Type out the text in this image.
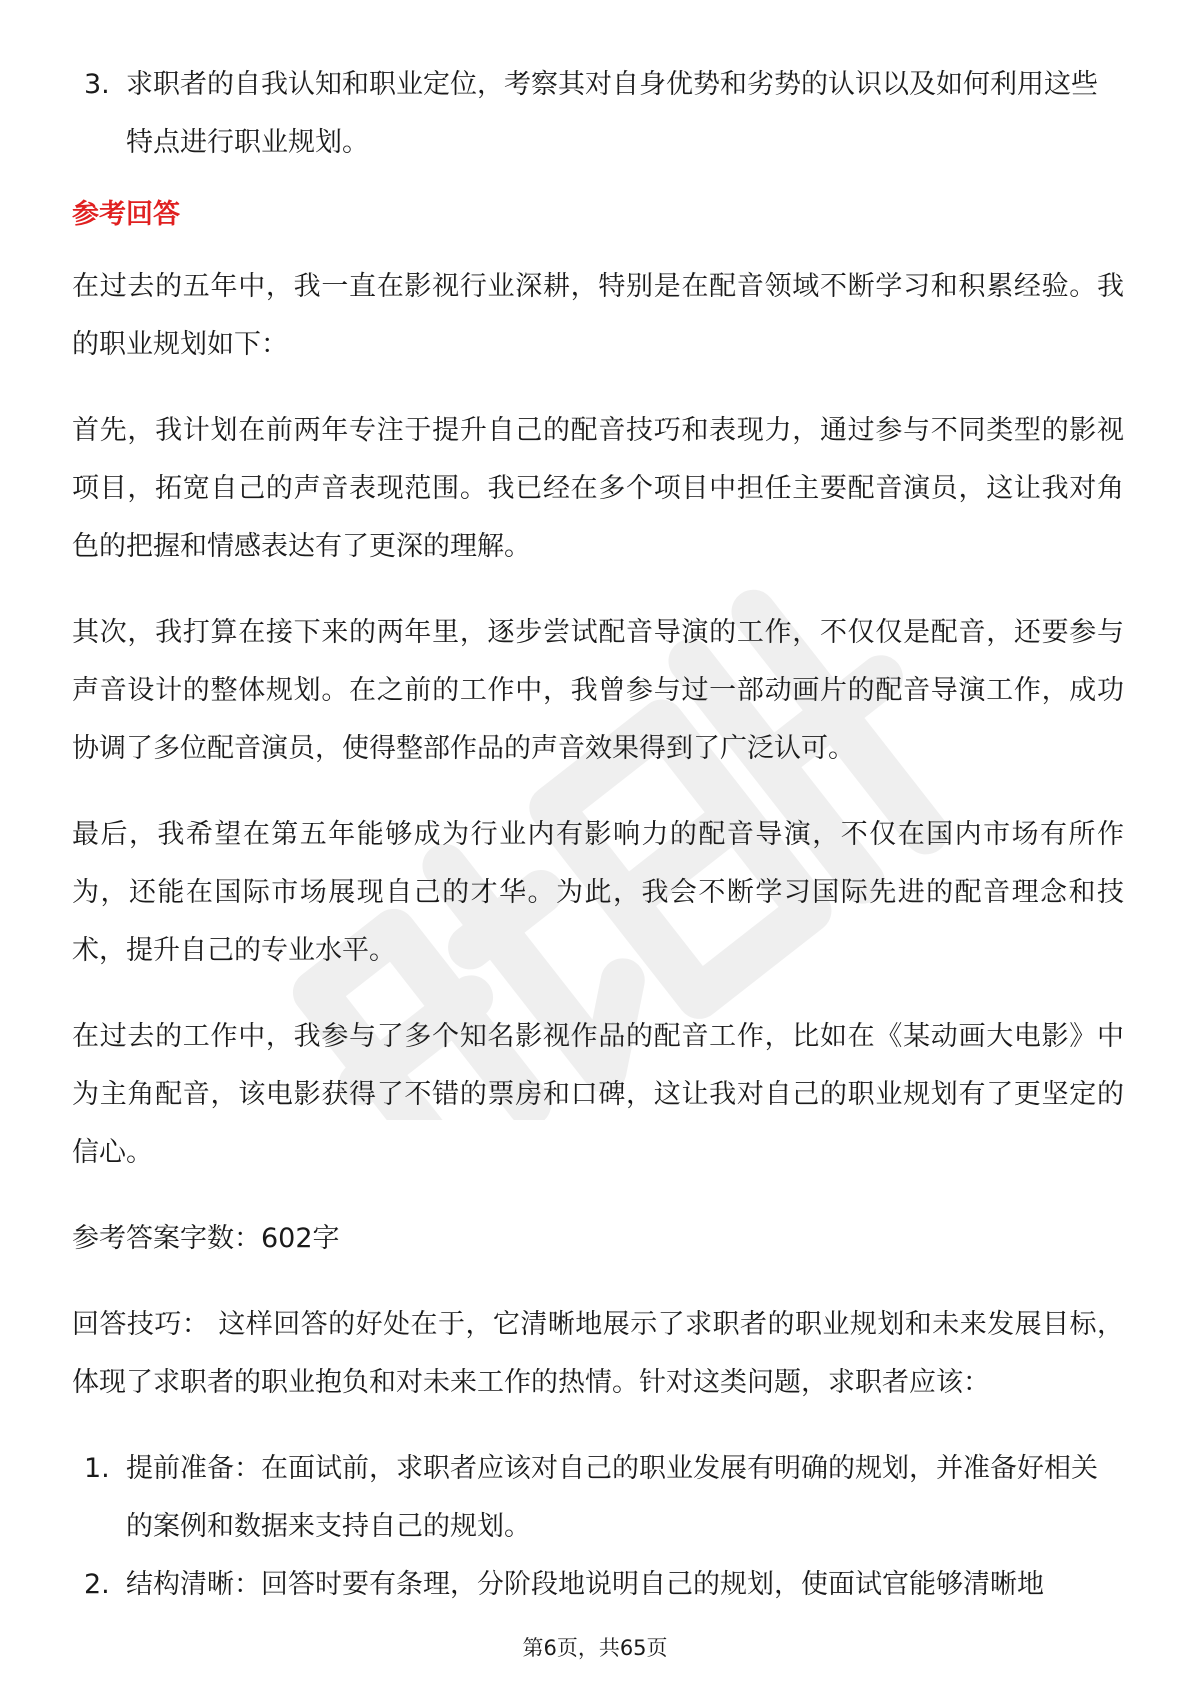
3. 求职者的自我认知和职业定位，考察其对自身优势和劣势的认识以及如何利用这些特点进行职业规划。

参考回答

在过去的五年中，我一直在影视行业深耕，特别是在配音领域不断学习和积累经验。我的职业规划如下：

首先，我计划在前两年专注于提升自己的配音技巧和表现力，通过参与不同类型的影视项目，拓宽自己的声音表现范围。我已经在多个项目中担任主要配音演员，这让我对角色的把握和情感表达有了更深的理解。

其次，我打算在接下来的两年里，逐步尝试配音导演的工作，不仅仅是配音，还要参与声音设计的整体规划。在之前的工作中，我曾参与过一部动画片的配音导演工作，成功协调了多位配音演员，使得整部作品的声音效果得到了广泛认可。

最后，我希望在第五年能够成为行业内有影响力的配音导演，不仅在国内市场有所作为，还能在国际市场展现自己的才华。为此，我会不断学习国际先进的配音理念和技术，提升自己的专业水平。

在过去的工作中，我参与了多个知名影视作品的配音工作，比如在《某动画大电影》中为主角配音，该电影获得了不错的票房和口碑，这让我对自己的职业规划有了更坚定的信心。

参考答案字数：602字

回答技巧： 这样回答的好处在于，它清晰地展示了求职者的职业规划和未来发展目标，体现了求职者的职业抱负和对未来工作的热情。针对这类问题，求职者应该：

1. 提前准备：在面试前，求职者应该对自己的职业发展有明确的规划，并准备好相关的案例和数据来支持自己的规划。

2. 结构清晰：回答时要有条理，分阶段地说明自己的规划，使面试官能够清晰地

第6页，共65页
